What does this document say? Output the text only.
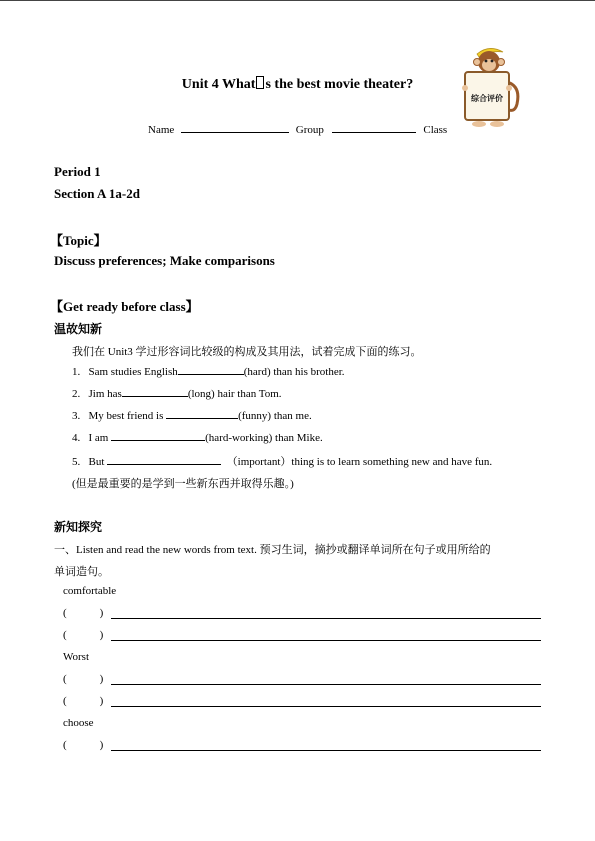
Unit 4 What s the best movie theater?
Name	Group	Class
综合评价
Period 1
Section A 1a-2d
【Topic】
Discuss preferences; Make comparisons
【Get ready before class】
温故知新
我们在 Unit3 学过形容词比较级的构成及其用法，试着完成下面的练习。
1. Sam studies English	(hard) than his brother.
2. Jim has	(long) hair than Tom.
3. My best friend is	(funny) than me.
4. I am	(hard-working) than Mike.
5. But	（important）thing is to learn something new and have fun.
(但是最重要的是学到一些新东西并取得乐趣。)
新知探究
一、Listen and read the new words from text. 预习生词，摘抄或翻译单词所在句子或用所给的
单词造句。
comfortable
(            )
(            )
Worst
(            )
(            )
choose
(            )
